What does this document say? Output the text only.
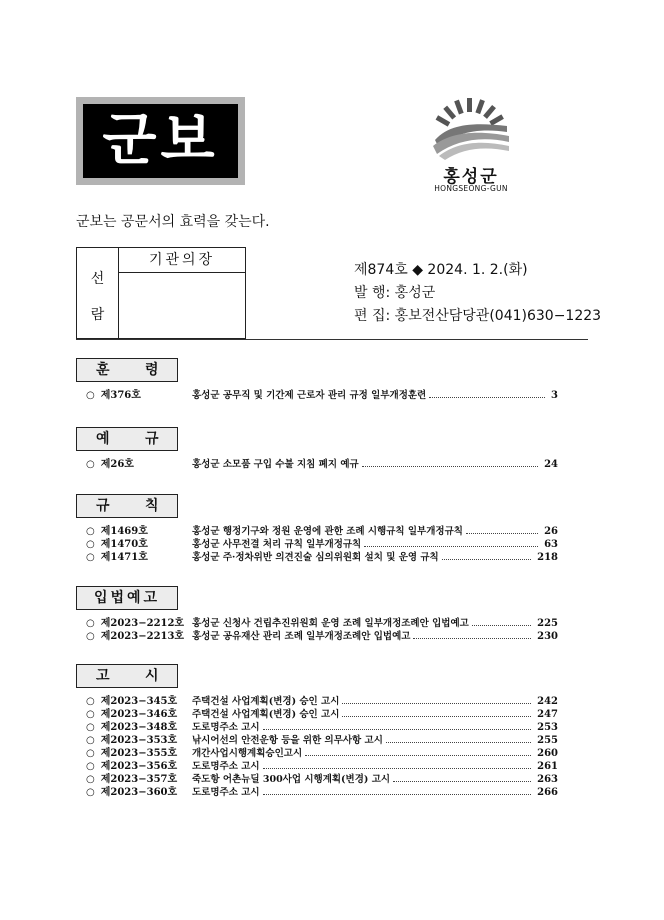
군보
홍성군
HONGSEONG-GUN
군보는 공문서의 효력을 갖는다.
선
람
기관의장
제874호 ◆ 2024. 1. 2.(화)
발 행: 홍성군
편 집: 홍보전산담당관(041)630−1223
훈	령
○ 제376호	홍성군 공무직 및 기간제 근로자 관리 규정 일부개정훈련	3
예	규
○ 제26호	홍성군 소모품 구입 수불 지침 폐지 예규	24
규	칙
○ 제1469호	홍성군 행정기구와 정원 운영에 관한 조례 시행규칙 일부개정규칙	26
○ 제1470호	홍성군 사무전결 처리 규칙 일부개정규칙	63
○ 제1471호	홍성군 주·정차위반 의견진술 심의위원회 설치 및 운영 규칙	218
입법예고
○ 제2023−2212호 홍성군 신청사 건립추진위원회 운영 조례 일부개정조례안 입법예고	225
○ 제2023−2213호 홍성군 공유재산 관리 조례 일부개정조례안 입법예고	230
고	시
○ 제2023−345호 주택건설 사업계획(변경) 승인 고시	242
○ 제2023−346호 주택건설 사업계획(변경) 승인 고시	247
○ 제2023−348호 도로명주소 고시	253
○ 제2023−353호 낚시어선의 안전운항 등을 위한 의무사항 고시	255
○ 제2023−355호 개간사업시행계획승인고시	260
○ 제2023−356호 도로명주소 고시	261
○ 제2023−357호 죽도항 어촌뉴딜 300사업 시행계획(변경) 고시	263
○ 제2023−360호 도로명주소 고시	266
